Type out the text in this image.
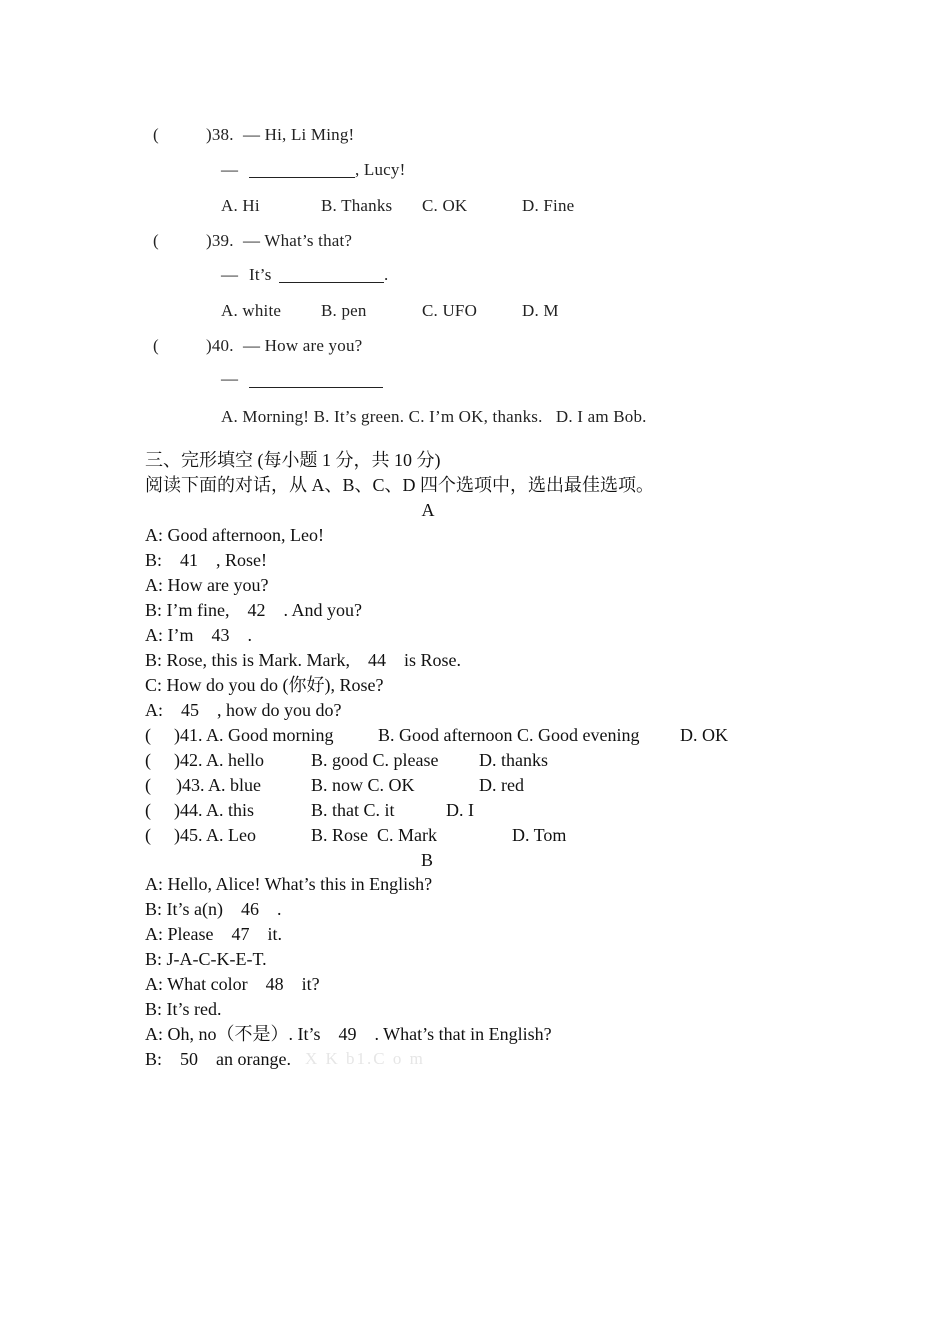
(	)38. — Hi, Li Ming!
—	, Lucy!
A. Hi	B. Thanks C. OK	D. Fine
(	)39. — What’s that?
— It’s	.
A. white B. pen	C. UFO	D. M
(	)40. — How are you?
—
A. Morning! B. It’s green. C. I’m OK, thanks.   D. I am Bob.
三、完形填空 (每小题 1 分，共 10 分)
阅读下面的对话，从 A、B、C、D 四个选项中，选出最佳选项。
A
A: Good afternoon, Leo!
B:    41    , Rose!
A: How are you?
B: I’m fine,    42    . And you?
A: I’m    43    .
B: Rose, this is Mark. Mark,    44    is Rose.
C: How do you do (你好), Rose?
A:    45    , how do you do?
( )41. A. Good morning B. Good afternoon C. Good evening D. OK
( )42. A. hello	B. good C. please D. thanks
( )43. A. blue	B. now C. OK	D. red
( )44. A. this	B. that C. it	D. I
( )45. A. Leo	B. Rose  C. Mark	D. Tom
B
A: Hello, Alice! What’s this in English?
B: It’s a(n)    46    .
A: Please    47    it.
B: J-A-C-K-E-T.
A: What color    48    it?
B: It’s red.
A: Oh, no（不是）. It’s    49    . What’s that in English?
B:    50    an orange. X K b1.C o m
